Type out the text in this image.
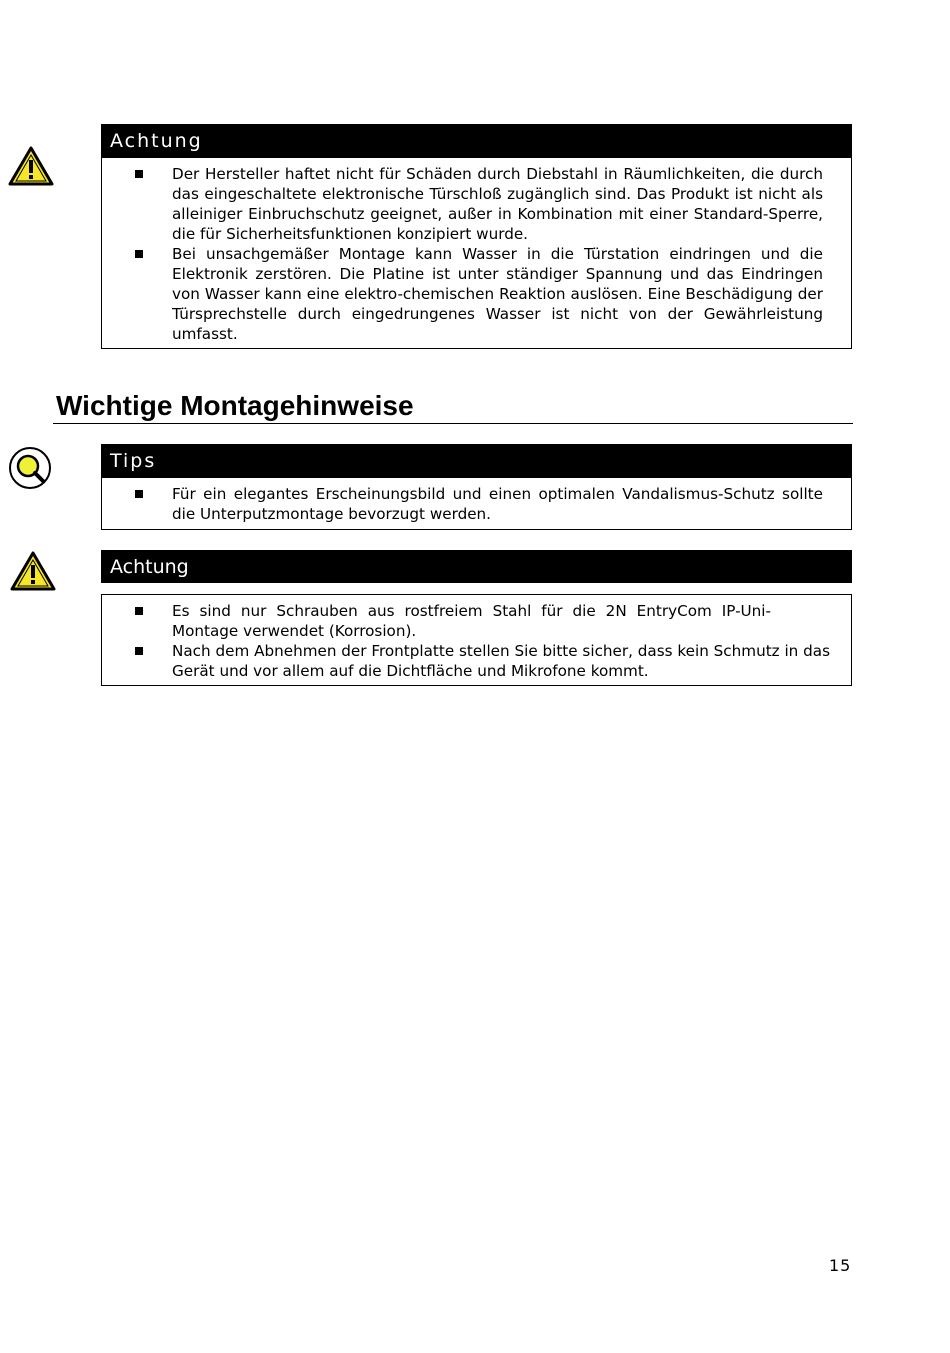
Achtung
Der Hersteller haftet nicht für Schäden durch Diebstahl in Räumlichkeiten, die durch das eingeschaltete elektronische Türschloß zugänglich sind. Das Produkt ist nicht als alleiniger Einbruchschutz geeignet, außer in Kombination mit einer Standard-Sperre, die für Sicherheitsfunktionen konzipiert wurde.
Bei unsachgemäßer Montage kann Wasser in die Türstation eindringen und die Elektronik zerstören. Die Platine ist unter ständiger Spannung und das Eindringen von Wasser kann eine elektro-chemischen Reaktion auslösen. Eine Beschädigung der Türsprechstelle durch eingedrungenes Wasser ist nicht von der Gewährleistung umfasst.
Wichtige Montagehinweise
Tips
Für ein elegantes Erscheinungsbild und einen optimalen Vandalismus-Schutz sollte die Unterputzmontage bevorzugt werden.
Achtung
Es sind nur Schrauben aus rostfreiem Stahl für die 2N EntryCom IP-Uni-Montage verwendet (Korrosion).
Nach dem Abnehmen der Frontplatte stellen Sie bitte sicher, dass kein Schmutz in das Gerät und vor allem auf die Dichtfläche und Mikrofone kommt.
15
